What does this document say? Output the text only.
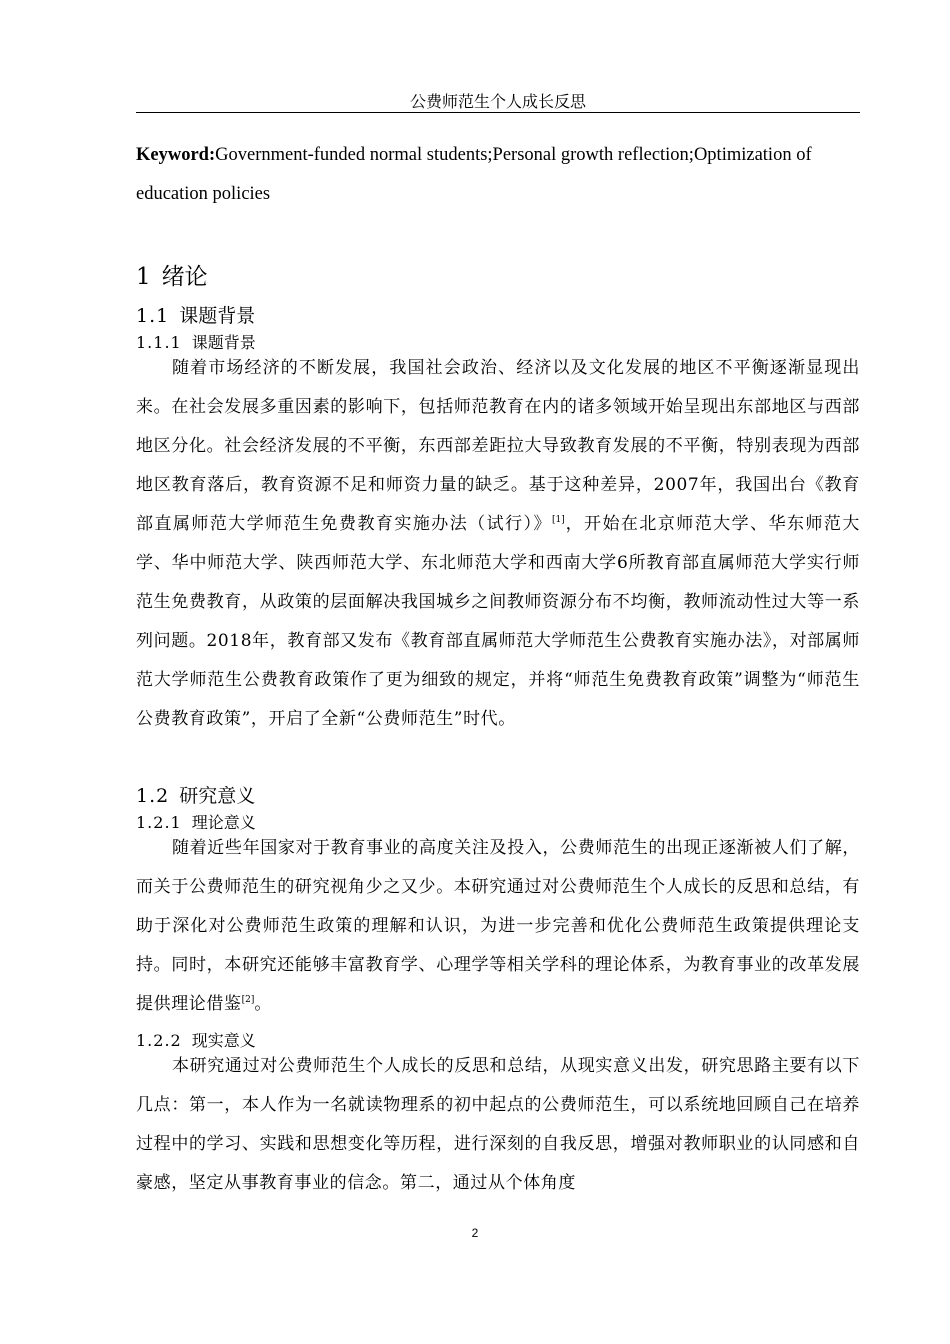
公费师范生个人成长反思
Keyword:Government-funded normal students;Personal growth reflection;Optimization of education policies
1 绪论
1.1 课题背景
1.1.1 课题背景
随着市场经济的不断发展，我国社会政治、经济以及文化发展的地区不平衡逐渐显现出来。在社会发展多重因素的影响下，包括师范教育在内的诸多领域开始呈现出东部地区与西部地区分化。社会经济发展的不平衡，东西部差距拉大导致教育发展的不平衡，特别表现为西部地区教育落后，教育资源不足和师资力量的缺乏。基于这种差异，2007年，我国出台《教育部直属师范大学师范生免费教育实施办法（试行）》[1]，开始在北京师范大学、华东师范大学、华中师范大学、陕西师范大学、东北师范大学和西南大学6所教育部直属师范大学实行师范生免费教育，从政策的层面解决我国城乡之间教师资源分布不均衡，教师流动性过大等一系列问题。2018年，教育部又发布《教育部直属师范大学师范生公费教育实施办法》，对部属师范大学师范生公费教育政策作了更为细致的规定，并将“师范生免费教育政策”调整为“师范生公费教育政策”，开启了全新“公费师范生”时代。
1.2 研究意义
1.2.1 理论意义
随着近些年国家对于教育事业的高度关注及投入，公费师范生的出现正逐渐被人们了解，而关于公费师范生的研究视角少之又少。本研究通过对公费师范生个人成长的反思和总结，有助于深化对公费师范生政策的理解和认识，为进一步完善和优化公费师范生政策提供理论支持。同时，本研究还能够丰富教育学、心理学等相关学科的理论体系，为教育事业的改革发展提供理论借鉴[2]。
1.2.2 现实意义
本研究通过对公费师范生个人成长的反思和总结，从现实意义出发，研究思路主要有以下几点：第一，本人作为一名就读物理系的初中起点的公费师范生，可以系统地回顾自己在培养过程中的学习、实践和思想变化等历程，进行深刻的自我反思，增强对教师职业的认同感和自豪感，坚定从事教育事业的信念。第二，通过从个体角度
2
